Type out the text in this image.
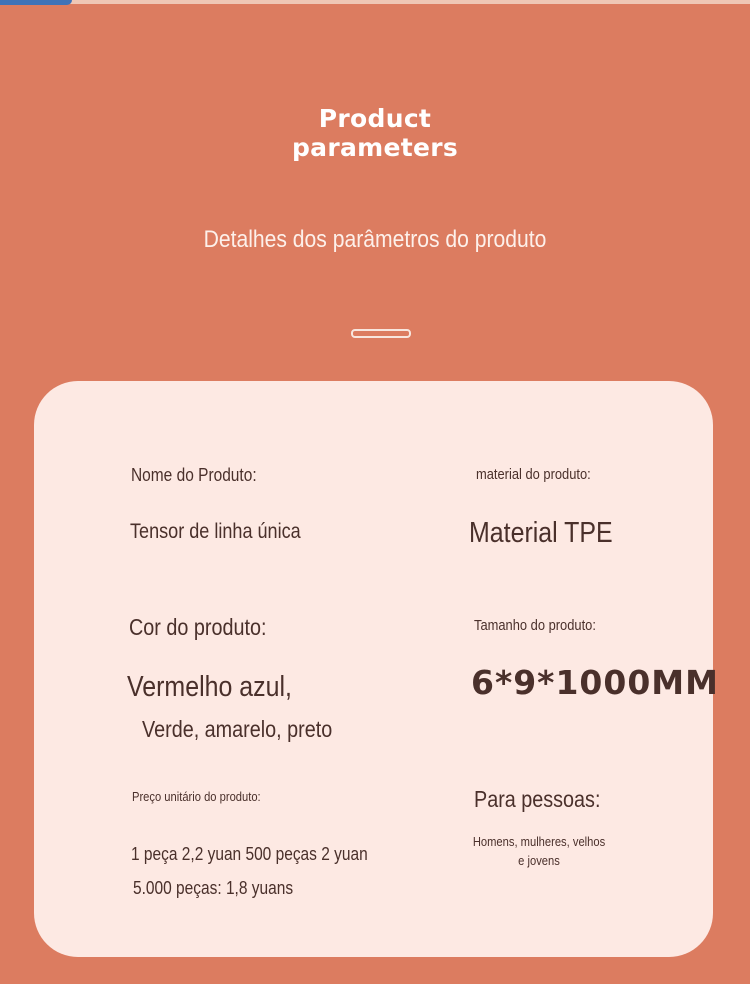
Product
parameters
Detalhes dos parâmetros do produto
Nome do Produto:
Tensor de linha única
material do produto:
Material TPE
Cor do produto:
Vermelho azul,
Verde, amarelo, preto
Tamanho do produto:
6*9*1000MM
Preço unitário do produto:
1 peça 2,2 yuan 500 peças 2 yuan
5.000 peças: 1,8 yuans
Para pessoas:
Homens, mulheres, velhos
e jovens
